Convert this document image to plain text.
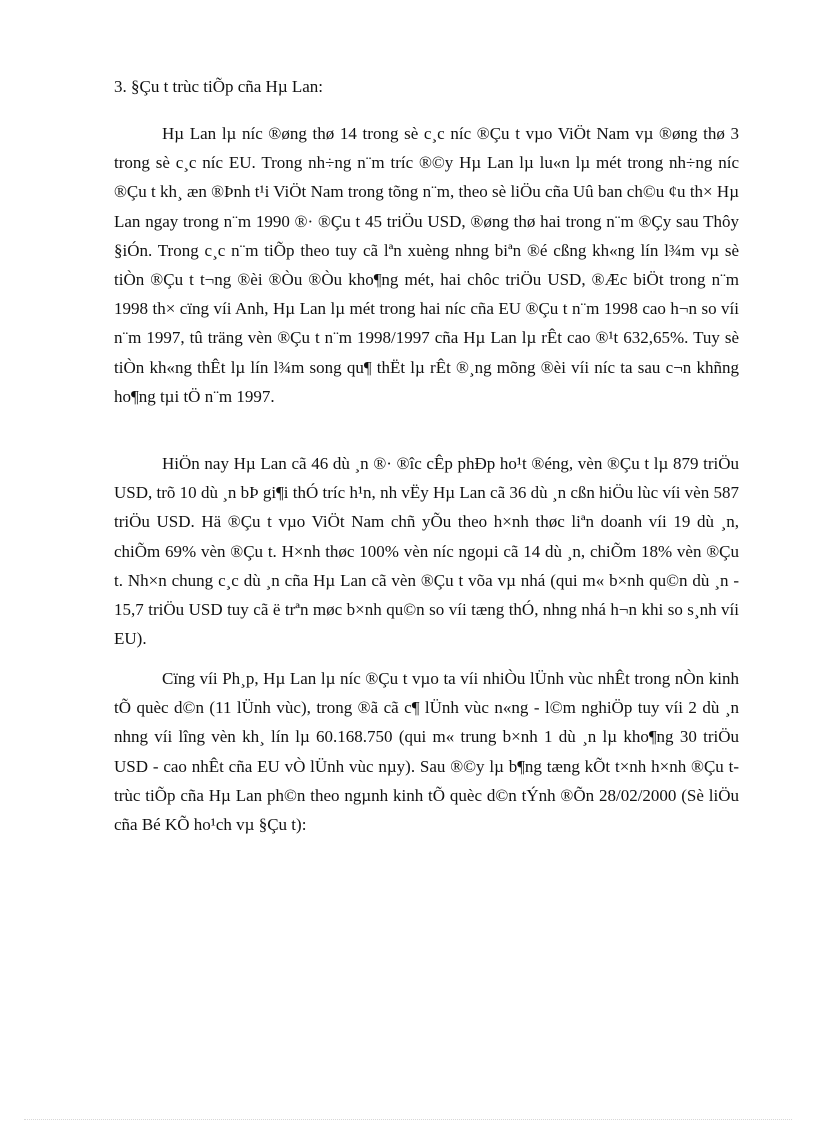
3. §Çu t trùc tiÕp cña Hµ Lan:

Hµ Lan lµ níc ®øng thø 14 trong sè c¸c níc ®Çu t vµo ViÖt Nam vµ ®øng thø 3 trong sè c¸c níc EU. Trong nh÷ng n¨m tríc ®©y Hµ Lan lµ lu«n lµ mét trong nh÷ng níc ®Çu t kh¸ æn ®Þnh t¹i ViÖt Nam trong tõng n¨m, theo sè liÖu cña Uû ban ch©u ¢u th× Hµ Lan ngay trong n¨m 1990 ®· ®Çu t 45 triÖu USD, ®øng thø hai trong n¨m ®Çy sau Thôy §iÓn. Trong c¸c n¨m tiÕp theo tuy cã lªn xuèng nhng biªn ®é cßng kh«ng lín l¾m vµ sè tiÒn ®Çu t t¬ng ®èi ®Òu ®Òu kho¶ng mét, hai chôc triÖu USD, ®Æc biÖt trong n¨m 1998 th× cïng víi Anh, Hµ Lan lµ mét trong hai níc cña EU ®Çu t n¨m 1998 cao h¬n so víi n¨m 1997, tû träng vèn ®Çu t n¨m 1998/1997 cña Hµ Lan lµ rÊt cao ®¹t 632,65%. Tuy sè tiÒn kh«ng thÊt lµ lín l¾m song qu¶ thËt lµ rÊt ®¸ng mõng ®èi víi níc ta sau c¬n khñng ho¶ng tµi tÖ n¨m 1997.

HiÖn nay Hµ Lan cã 46 dù ¸n ®· ®îc cÊp phÐp ho¹t ®éng, vèn ®Çu t lµ 879 triÖu USD, trõ 10 dù ¸n bÞ gi¶i thÓ tríc h¹n, nh vËy Hµ Lan cã 36 dù ¸n cßn hiÖu lùc víi vèn 587 triÖu USD. Hä ®Çu t vµo ViÖt Nam chñ yÕu theo h×nh thøc liªn doanh víi 19 dù ¸n, chiÕm 69% vèn ®Çu t. H×nh thøc 100% vèn níc ngoµi cã 14 dù ¸n, chiÕm 18% vèn ®Çu t. Nh×n chung c¸c dù ¸n cña Hµ Lan cã vèn ®Çu t võa vµ nhá (qui m« b×nh qu©n dù ¸n - 15,7 triÖu USD tuy cã ë trªn møc b×nh qu©n so víi tæng thÓ, nhng nhá h¬n khi so s¸nh víi EU).

Cïng víi Ph¸p, Hµ Lan lµ níc ®Çu t vµo ta víi nhiÒu lÜnh vùc nhÊt trong nÒn kinh tÕ quèc d©n (11 lÜnh vùc), trong ®ã cã c¶ lÜnh vùc n«ng - l©m nghiÖp tuy víi 2 dù ¸n nhng víi lîng vèn kh¸ lín lµ 60.168.750 (qui m« trung b×nh 1 dù ¸n lµ kho¶ng 30 triÖu USD - cao nhÊt cña EU vÒ lÜnh vùc nµy). Sau ®©y lµ b¶ng tæng kÕt t×nh h×nh ®Çu t trùc tiÕp cña Hµ Lan ph©n theo ngµnh kinh tÕ quèc d©n tÝnh ®Õn 28/02/2000 (Sè liÖu cña Bé KÕ ho¹ch vµ §Çu t):
